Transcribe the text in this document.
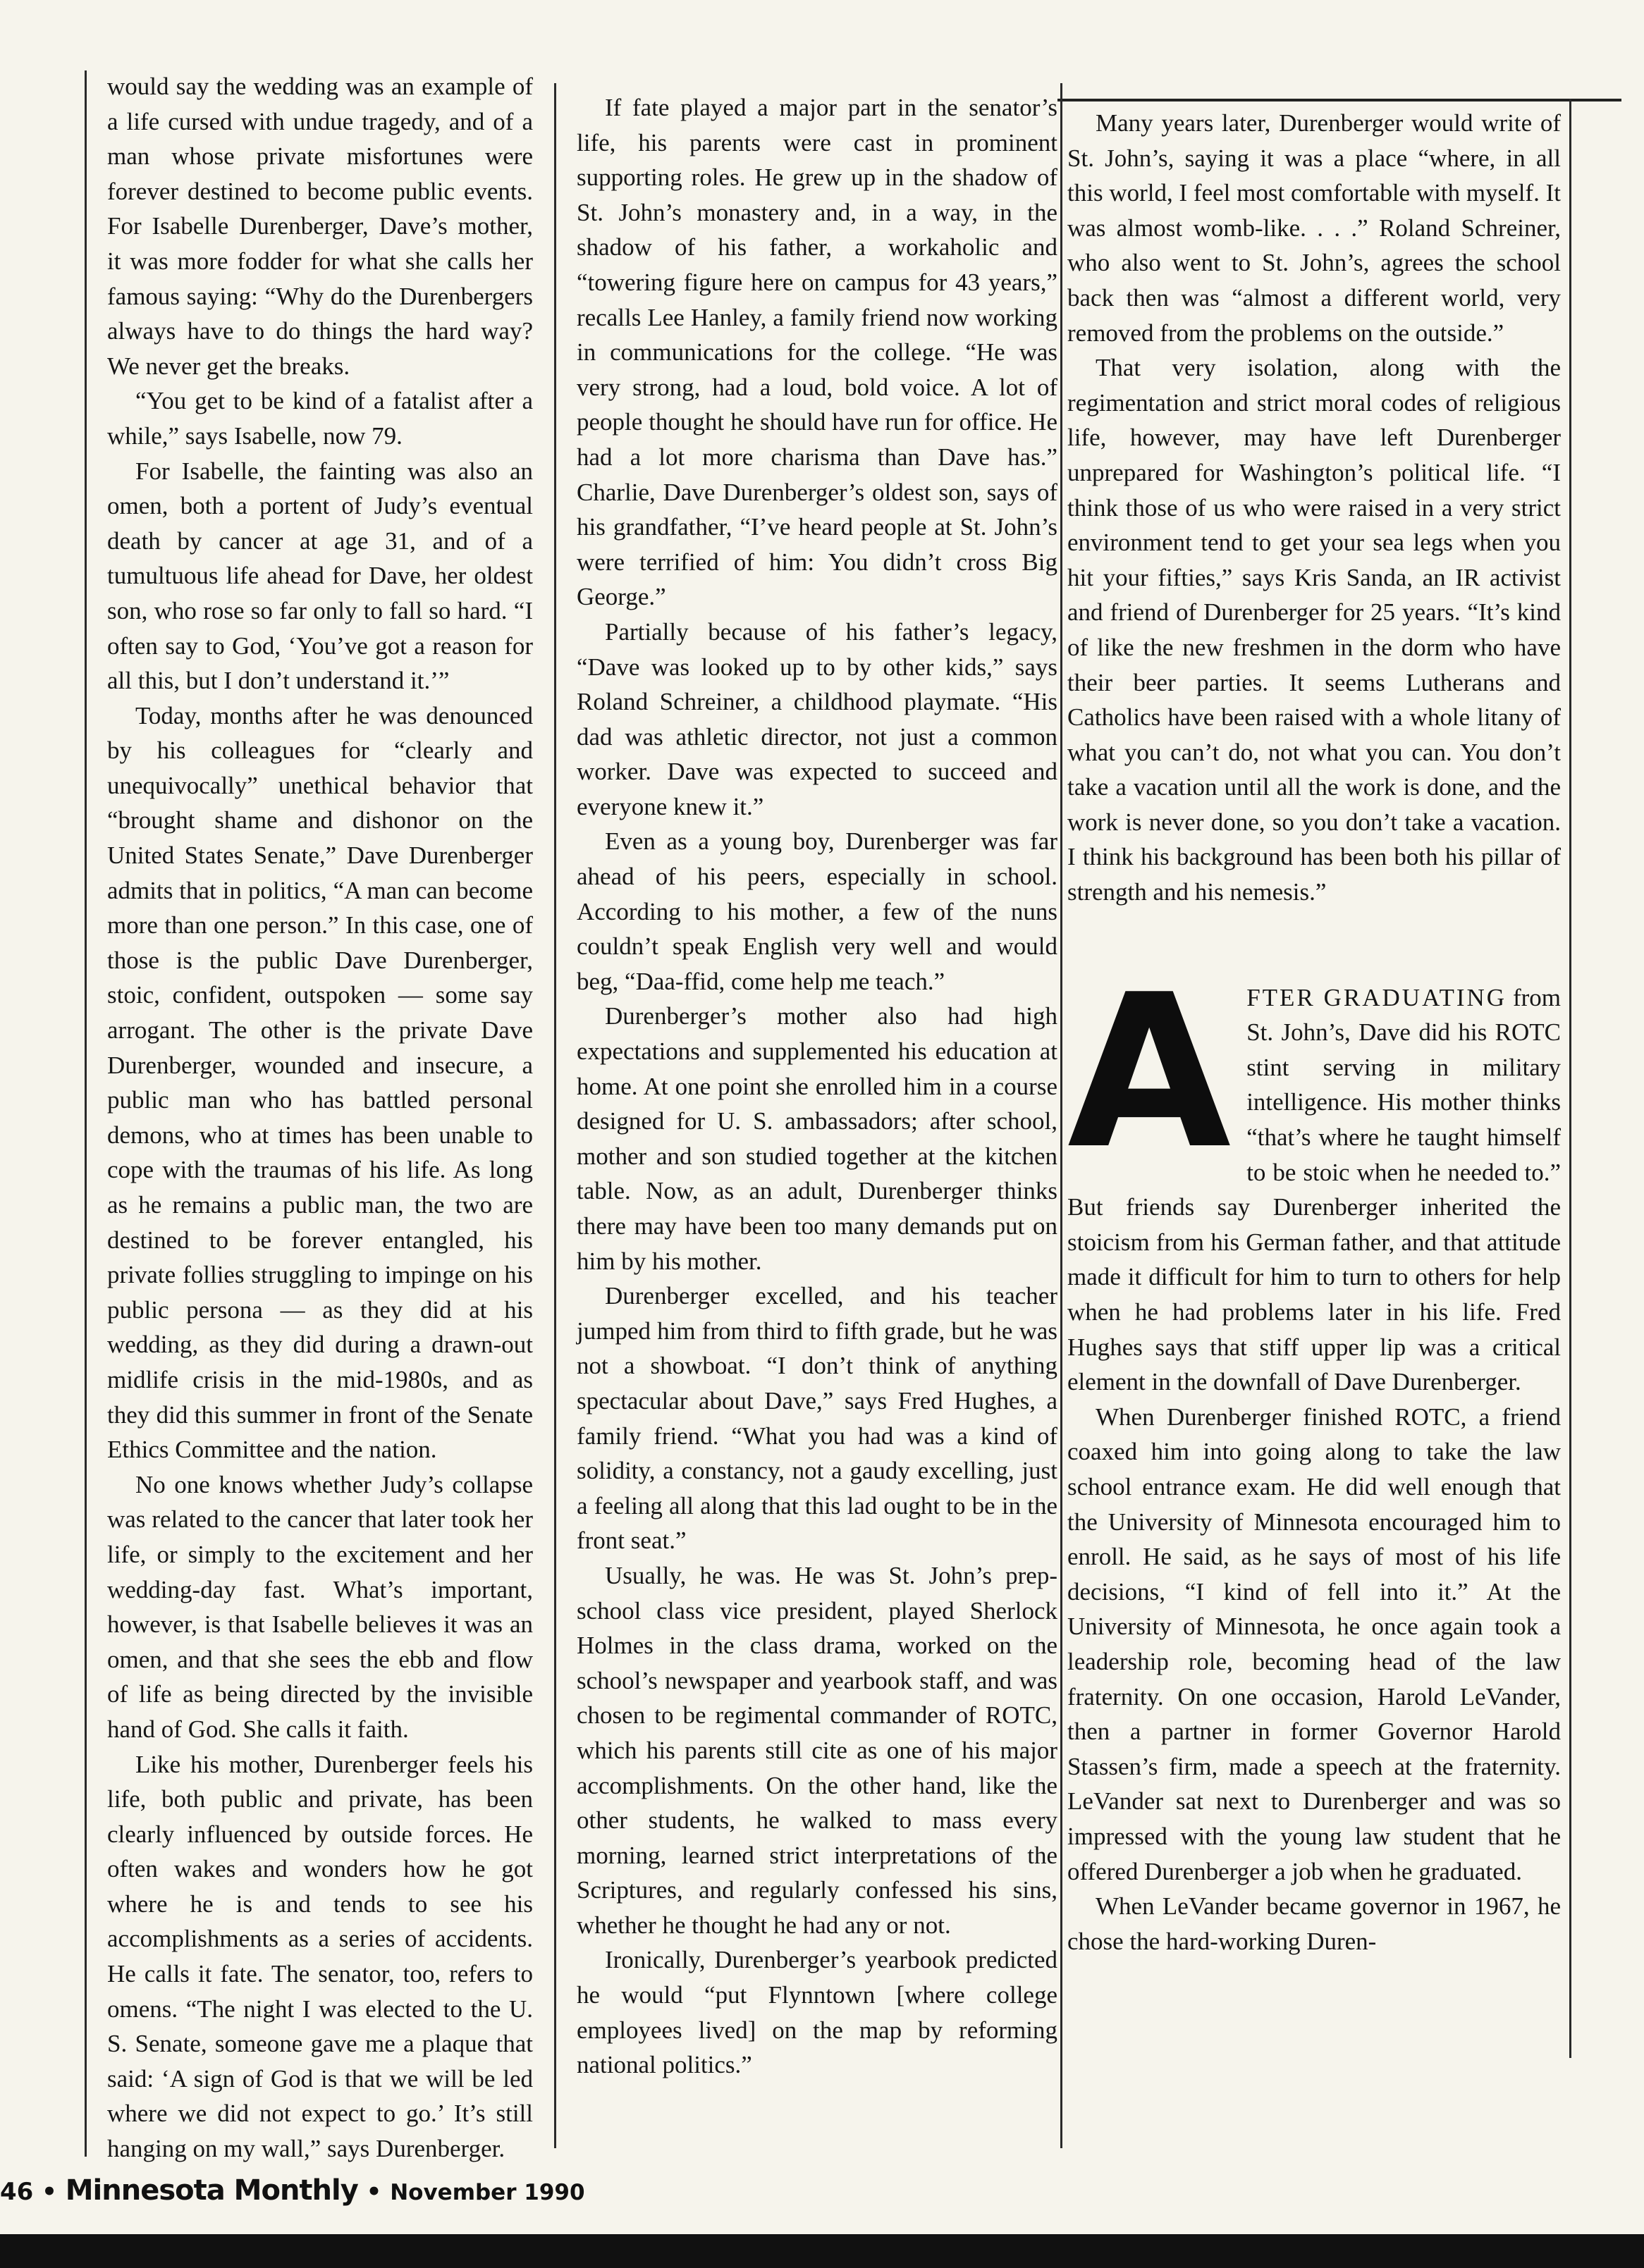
would say the wedding was an example of a life cursed with undue tragedy, and of a man whose private misfortunes were forever destined to become public events. For Isabelle Durenberger, Dave’s mother, it was more fodder for what she calls her famous saying: “Why do the Durenbergers always have to do things the hard way? We never get the breaks.

“You get to be kind of a fatalist after a while,” says Isabelle, now 79.

For Isabelle, the fainting was also an omen, both a portent of Judy’s eventual death by cancer at age 31, and of a tumultuous life ahead for Dave, her oldest son, who rose so far only to fall so hard. “I often say to God, ‘You’ve got a reason for all this, but I don’t understand it.’”

Today, months after he was denounced by his colleagues for “clearly and unequivocally” unethical behavior that “brought shame and dishonor on the United States Senate,” Dave Durenberger admits that in politics, “A man can become more than one person.” In this case, one of those is the public Dave Durenberger, stoic, confident, outspoken — some say arrogant. The other is the private Dave Durenberger, wounded and insecure, a public man who has battled personal demons, who at times has been unable to cope with the traumas of his life. As long as he remains a public man, the two are destined to be forever entangled, his private follies struggling to impinge on his public persona — as they did at his wedding, as they did during a drawn-out midlife crisis in the mid-1980s, and as they did this summer in front of the Senate Ethics Committee and the nation.

No one knows whether Judy’s collapse was related to the cancer that later took her life, or simply to the excitement and her wedding-day fast. What’s important, however, is that Isabelle believes it was an omen, and that she sees the ebb and flow of life as being directed by the invisible hand of God. She calls it faith.

Like his mother, Durenberger feels his life, both public and private, has been clearly influenced by outside forces. He often wakes and wonders how he got where he is and tends to see his accomplishments as a series of accidents. He calls it fate. The senator, too, refers to omens. “The night I was elected to the U. S. Senate, someone gave me a plaque that said: ‘A sign of God is that we will be led where we did not expect to go.’ It’s still hanging on my wall,” says Durenberger.

If fate played a major part in the senator’s life, his parents were cast in prominent supporting roles. He grew up in the shadow of St. John’s monastery and, in a way, in the shadow of his father, a workaholic and “towering figure here on campus for 43 years,” recalls Lee Hanley, a family friend now working in communications for the college. “He was very strong, had a loud, bold voice. A lot of people thought he should have run for office. He had a lot more charisma than Dave has.” Charlie, Dave Durenberger’s oldest son, says of his grandfather, “I’ve heard people at St. John’s were terrified of him: You didn’t cross Big George.”

Partially because of his father’s legacy, “Dave was looked up to by other kids,” says Roland Schreiner, a childhood playmate. “His dad was athletic director, not just a common worker. Dave was expected to succeed and everyone knew it.”

Even as a young boy, Durenberger was far ahead of his peers, especially in school. According to his mother, a few of the nuns couldn’t speak English very well and would beg, “Daa-ffid, come help me teach.”

Durenberger’s mother also had high expectations and supplemented his education at home. At one point she enrolled him in a course designed for U. S. ambassadors; after school, mother and son studied together at the kitchen table. Now, as an adult, Durenberger thinks there may have been too many demands put on him by his mother.

Durenberger excelled, and his teacher jumped him from third to fifth grade, but he was not a showboat. “I don’t think of anything spectacular about Dave,” says Fred Hughes, a family friend. “What you had was a kind of solidity, a constancy, not a gaudy excelling, just a feeling all along that this lad ought to be in the front seat.”

Usually, he was. He was St. John’s prep-school class vice president, played Sherlock Holmes in the class drama, worked on the school’s newspaper and yearbook staff, and was chosen to be regimental commander of ROTC, which his parents still cite as one of his major accomplishments. On the other hand, like the other students, he walked to mass every morning, learned strict interpretations of the Scriptures, and regularly confessed his sins, whether he thought he had any or not.

Ironically, Durenberger’s yearbook predicted he would “put Flynntown [where college employees lived] on the map by reforming national politics.”

Many years later, Durenberger would write of St. John’s, saying it was a place “where, in all this world, I feel most comfortable with myself. It was almost womb-like. . . .” Roland Schreiner, who also went to St. John’s, agrees the school back then was “almost a different world, very removed from the problems on the outside.”

That very isolation, along with the regimentation and strict moral codes of religious life, however, may have left Durenberger unprepared for Washington’s political life. “I think those of us who were raised in a very strict environment tend to get your sea legs when you hit your fifties,” says Kris Sanda, an IR activist and friend of Durenberger for 25 years. “It’s kind of like the new freshmen in the dorm who have their beer parties. It seems Lutherans and Catholics have been raised with a whole litany of what you can’t do, not what you can. You don’t take a vacation until all the work is done, and the work is never done, so you don’t take a vacation. I think his background has been both his pillar of strength and his nemesis.”

AFTER GRADUATING from St. John’s, Dave did his ROTC stint serving in military intelligence. His mother thinks “that’s where he taught himself to be stoic when he needed to.” But friends say Durenberger inherited the stoicism from his German father, and that attitude made it difficult for him to turn to others for help when he had problems later in his life. Fred Hughes says that stiff upper lip was a critical element in the downfall of Dave Durenberger.

When Durenberger finished ROTC, a friend coaxed him into going along to take the law school entrance exam. He did well enough that the University of Minnesota encouraged him to enroll. He said, as he says of most of his life decisions, “I kind of fell into it.” At the University of Minnesota, he once again took a leadership role, becoming head of the law fraternity. On one occasion, Harold LeVander, then a partner in former Governor Harold Stassen’s firm, made a speech at the fraternity. LeVander sat next to Durenberger and was so impressed with the young law student that he offered Durenberger a job when he graduated.

When LeVander became governor in 1967, he chose the hard-working Duren-

46 • Minnesota Monthly • November 1990
